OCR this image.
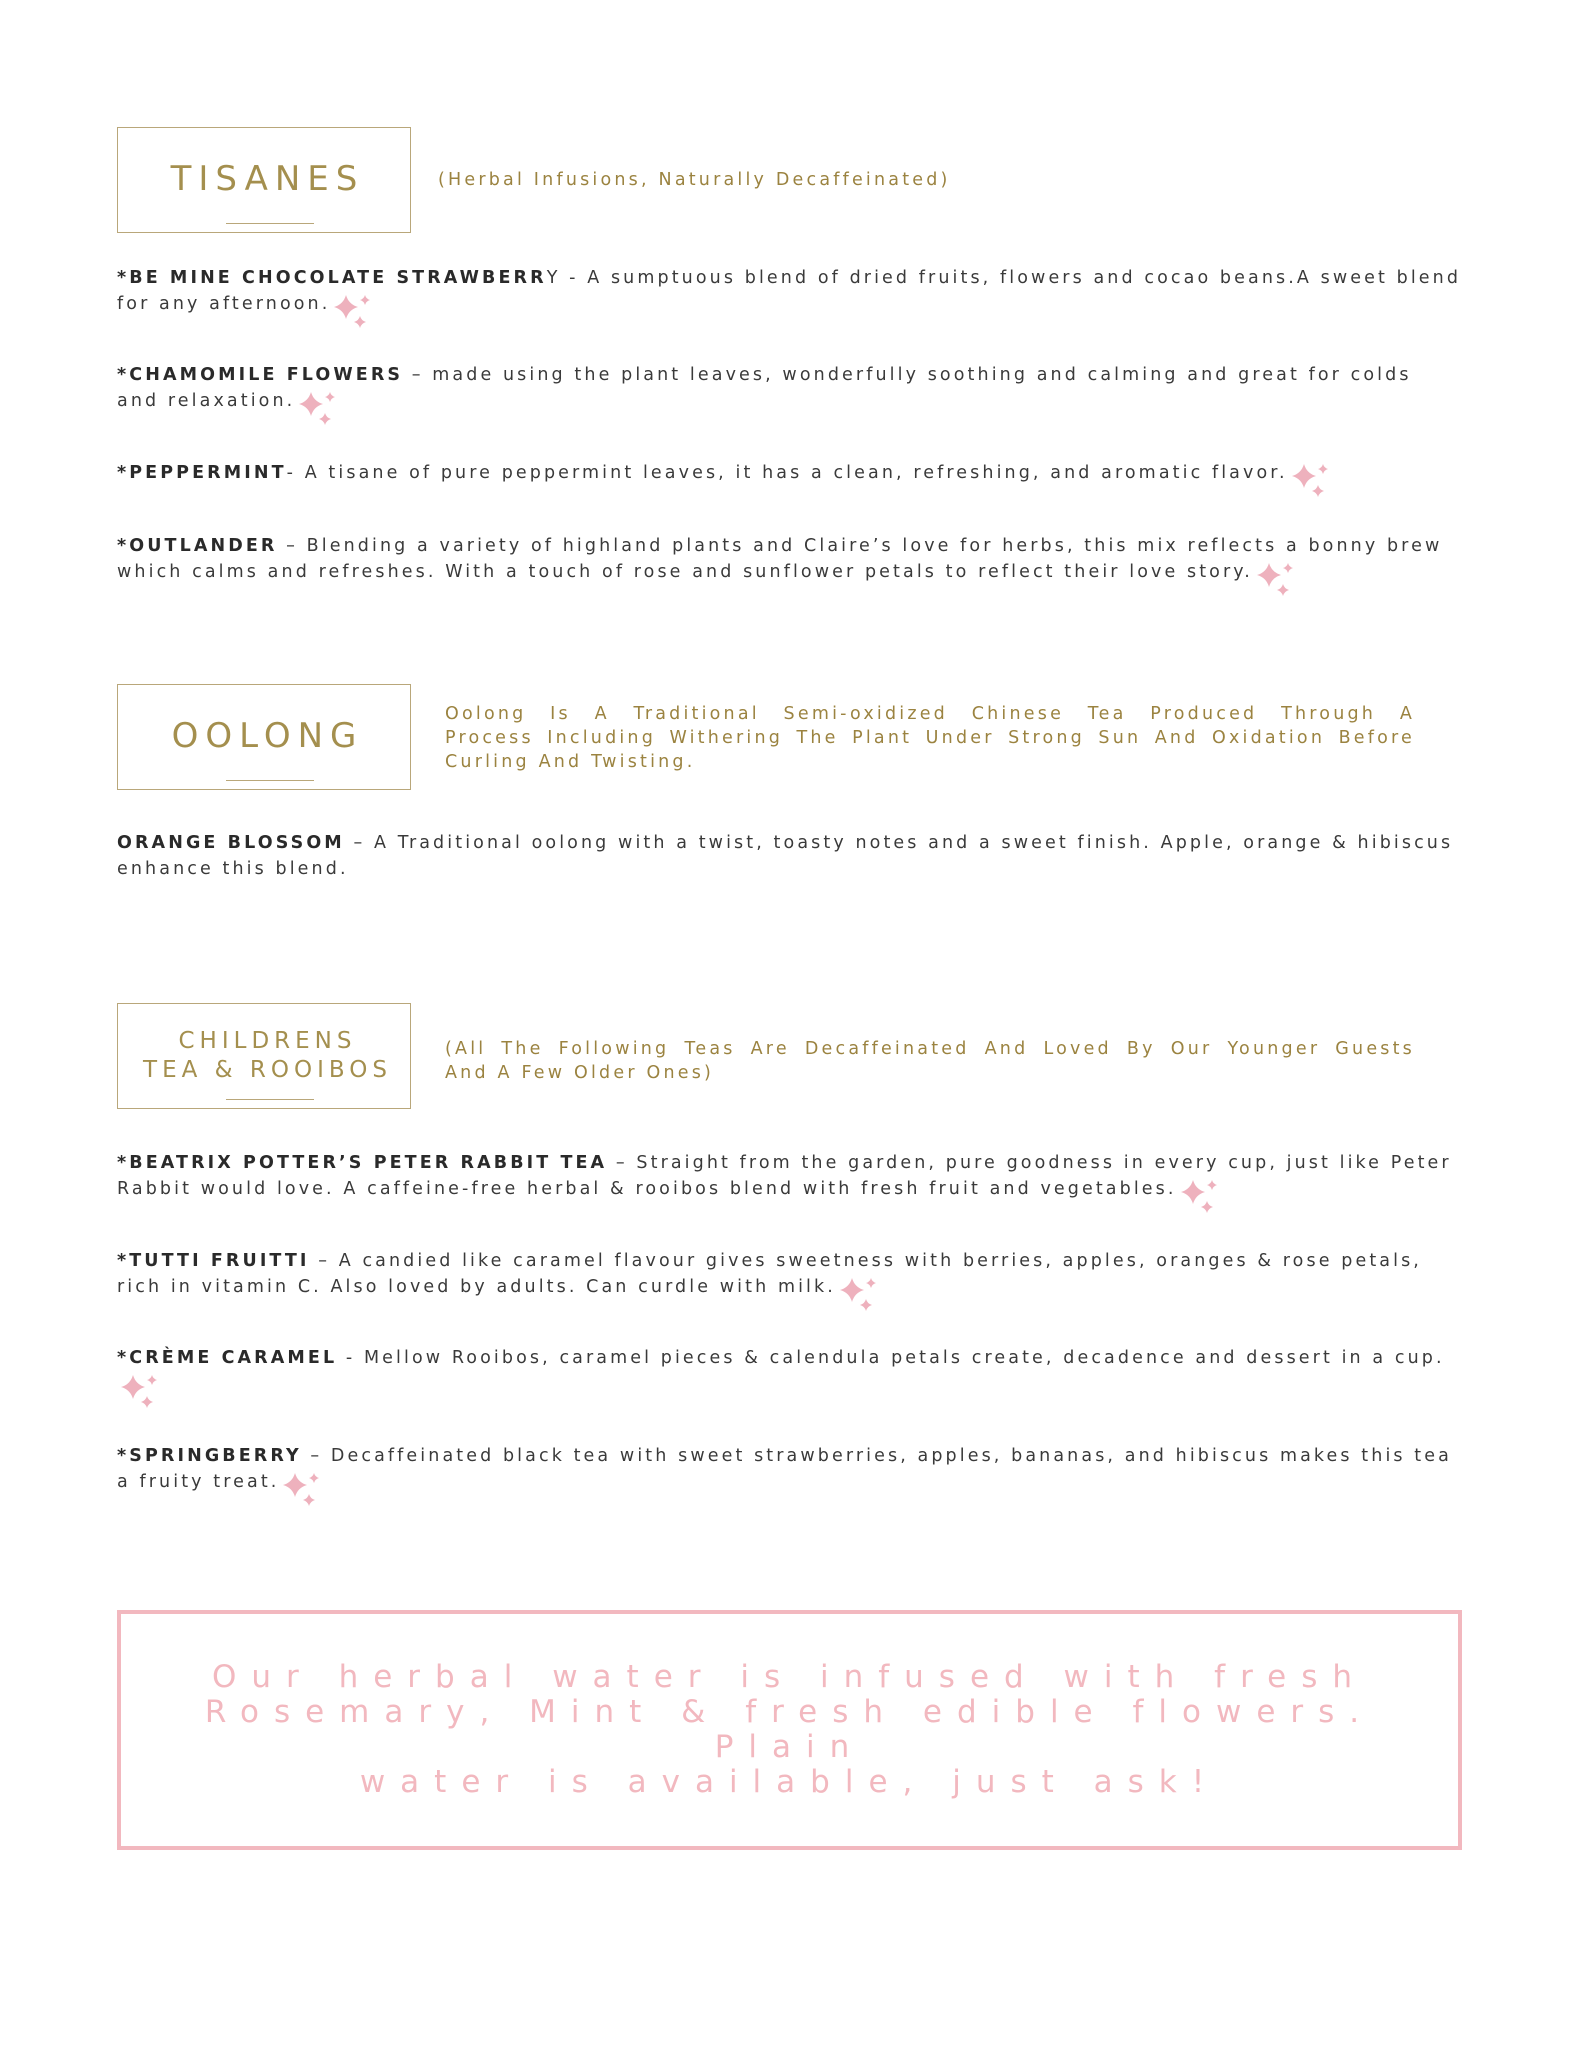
TISANES	(Herbal Infusions, Naturally Decaffeinated)
*BE MINE CHOCOLATE STRAWBERRY - A sumptuous blend of dried fruits, flowers and cocao beans.A sweet blend for any afternoon.
*CHAMOMILE FLOWERS – made using the plant leaves, wonderfully soothing and calming and great for colds and relaxation.
*PEPPERMINT- A tisane of pure peppermint leaves, it has a clean, refreshing, and aromatic flavor.
*OUTLANDER – Blending a variety of highland plants and Claire’s love for herbs, this mix reflects a bonny brew which calms and refreshes. With a touch of rose and sunflower petals to reflect their love story.
OOLONG
Oolong Is A Traditional Semi-oxidized Chinese Tea Produced Through A
Process Including Withering The Plant Under Strong Sun And Oxidation Before
Curling And Twisting.
ORANGE BLOSSOM – A Traditional oolong with a twist, toasty notes and a sweet finish. Apple, orange & hibiscus enhance this blend.
CHILDRENS
TEA & ROOIBOS
(All The Following Teas Are Decaffeinated And Loved By Our Younger Guests
And A Few Older Ones)
*BEATRIX POTTER’S PETER RABBIT TEA – Straight from the garden, pure goodness in every cup, just like Peter Rabbit would love. A caffeine-free herbal & rooibos blend with fresh fruit and vegetables.
*TUTTI FRUITTI – A candied like caramel flavour gives sweetness with berries, apples, oranges & rose petals, rich in vitamin C. Also loved by adults. Can curdle with milk.
*CRÈME CARAMEL - Mellow Rooibos, caramel pieces & calendula petals create, decadence and dessert in a cup.
*SPRINGBERRY – Decaffeinated black tea with sweet strawberries, apples, bananas, and hibiscus makes this tea a fruity treat.
Our herbal water is infused with fresh
Rosemary, Mint & fresh edible flowers. Plain
water is available, just ask!
